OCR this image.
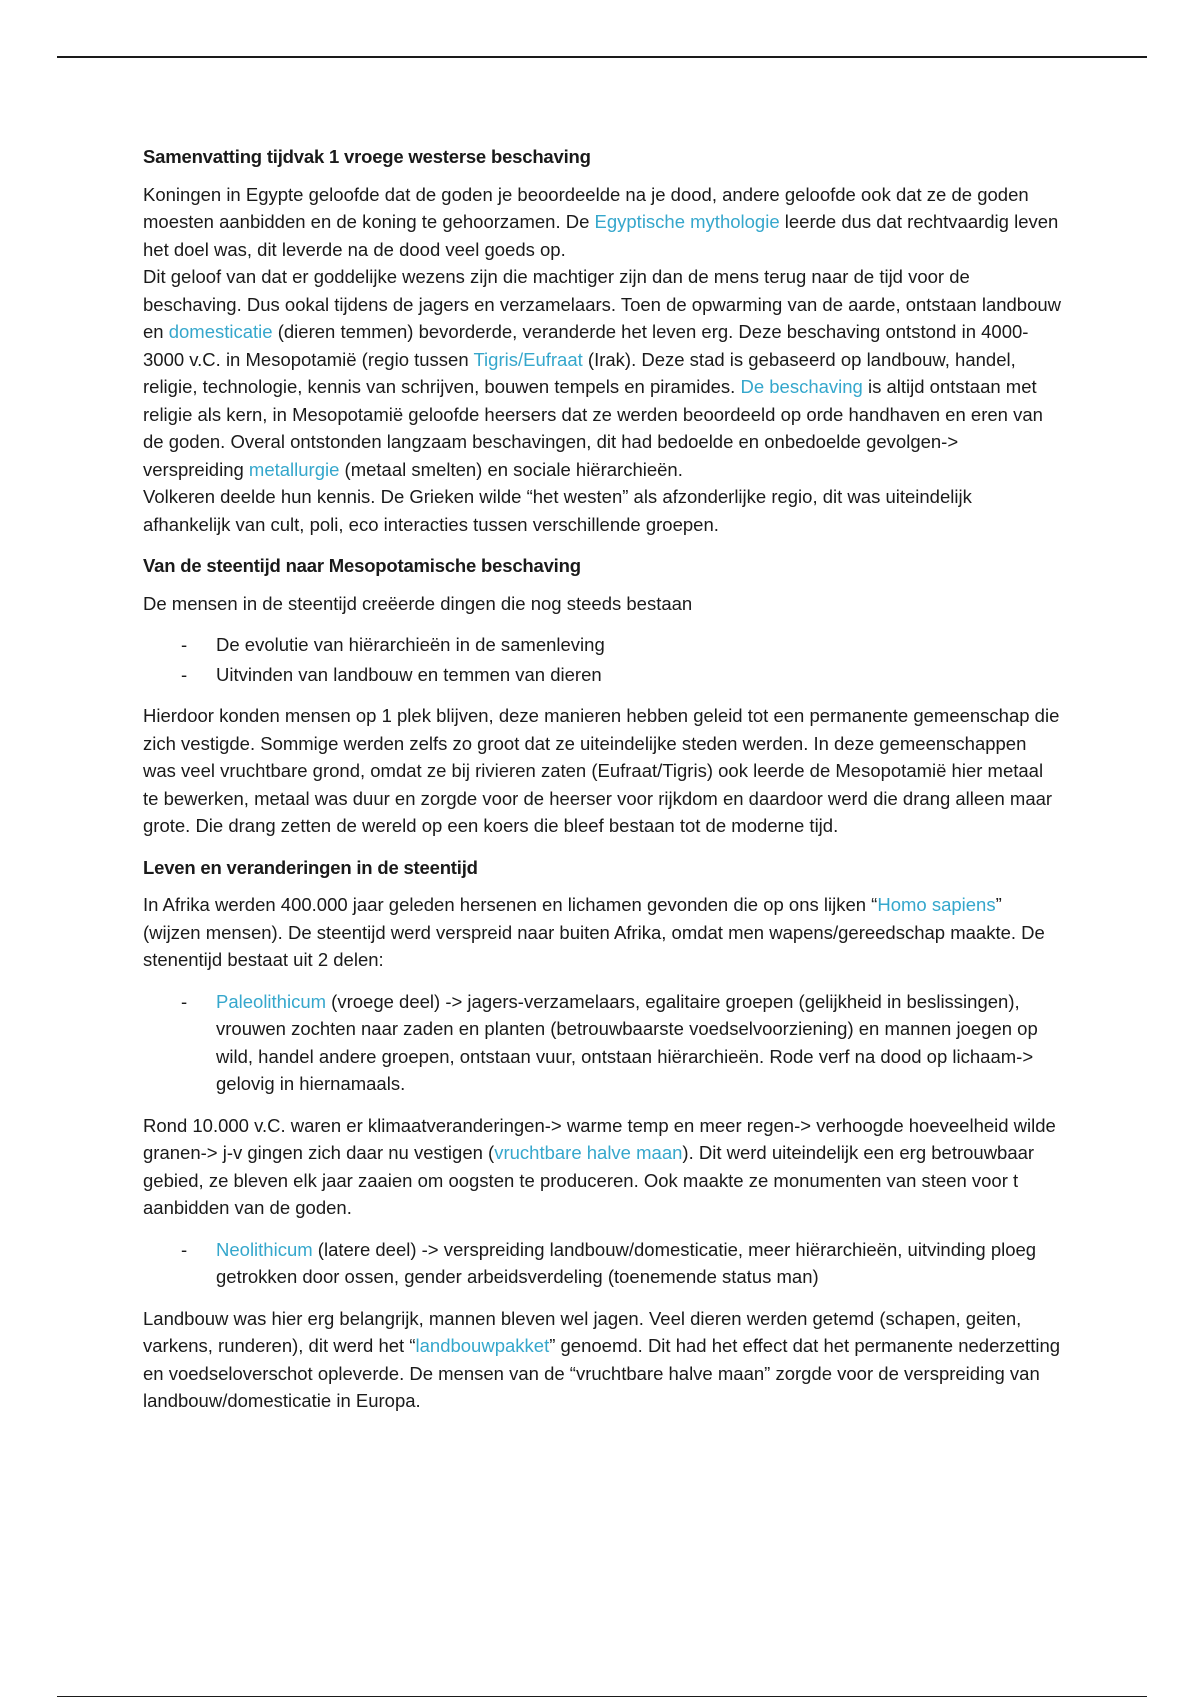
Samenvatting tijdvak 1 vroege westerse beschaving

Koningen in Egypte geloofde dat de goden je beoordeelde na je dood, andere geloofde ook dat ze de goden moesten aanbidden en de koning te gehoorzamen. De Egyptische mythologie leerde dus dat rechtvaardig leven het doel was, dit leverde na de dood veel goeds op.

Dit geloof van dat er goddelijke wezens zijn die machtiger zijn dan de mens terug naar de tijd voor de beschaving. Dus ookal tijdens de jagers en verzamelaars. Toen de opwarming van de aarde, ontstaan landbouw en domesticatie (dieren temmen) bevorderde, veranderde het leven erg. Deze beschaving ontstond in 4000-3000 v.C. in Mesopotamië (regio tussen Tigris/Eufraat (Irak). Deze stad is gebaseerd op landbouw, handel, religie, technologie, kennis van schrijven, bouwen tempels en piramides. De beschaving is altijd ontstaan met religie als kern, in Mesopotamië geloofde heersers dat ze werden beoordeeld op orde handhaven en eren van de goden. Overal ontstonden langzaam beschavingen, dit had bedoelde en onbedoelde gevolgen-> verspreiding metallurgie (metaal smelten) en sociale hiërarchieën.

Volkeren deelde hun kennis. De Grieken wilde “het westen” als afzonderlijke regio, dit was uiteindelijk afhankelijk van cult, poli, eco interacties tussen verschillende groepen.

Van de steentijd naar Mesopotamische beschaving

De mensen in de steentijd creëerde dingen die nog steeds bestaan

- De evolutie van hiërarchieën in de samenleving
- Uitvinden van landbouw en temmen van dieren

Hierdoor konden mensen op 1 plek blijven, deze manieren hebben geleid tot een permanente gemeenschap die zich vestigde. Sommige werden zelfs zo groot dat ze uiteindelijke steden werden. In deze gemeenschappen was veel vruchtbare grond, omdat ze bij rivieren zaten (Eufraat/Tigris) ook leerde de Mesopotamië hier metaal te bewerken, metaal was duur en zorgde voor de heerser voor rijkdom en daardoor werd die drang alleen maar grote. Die drang zetten de wereld op een koers die bleef bestaan tot de moderne tijd.

Leven en veranderingen in de steentijd

In Afrika werden 400.000 jaar geleden hersenen en lichamen gevonden die op ons lijken “Homo sapiens” (wijzen mensen). De steentijd werd verspreid naar buiten Afrika, omdat men wapens/gereedschap maakte. De stenentijd bestaat uit 2 delen:

- Paleolithicum (vroege deel) -> jagers-verzamelaars, egalitaire groepen (gelijkheid in beslissingen), vrouwen zochten naar zaden en planten (betrouwbaarste voedselvoorziening) en mannen joegen op wild, handel andere groepen, ontstaan vuur, ontstaan hiërarchieën. Rode verf na dood op lichaam-> gelovig in hiernamaals.

Rond 10.000 v.C. waren er klimaatveranderingen-> warme temp en meer regen-> verhoogde hoeveelheid wilde granen-> j-v gingen zich daar nu vestigen (vruchtbare halve maan). Dit werd uiteindelijk een erg betrouwbaar gebied, ze bleven elk jaar zaaien om oogsten te produceren. Ook maakte ze monumenten van steen voor t aanbidden van de goden.

- Neolithicum (latere deel) -> verspreiding landbouw/domesticatie, meer hiërarchieën, uitvinding ploeg getrokken door ossen, gender arbeidsverdeling (toenemende status man)

Landbouw was hier erg belangrijk, mannen bleven wel jagen. Veel dieren werden getemd (schapen, geiten, varkens, runderen), dit werd het “landbouwpakket” genoemd. Dit had het effect dat het permanente nederzetting en voedseloverschot opleverde. De mensen van de “vruchtbare halve maan” zorgde voor de verspreiding van landbouw/domesticatie in Europa.
